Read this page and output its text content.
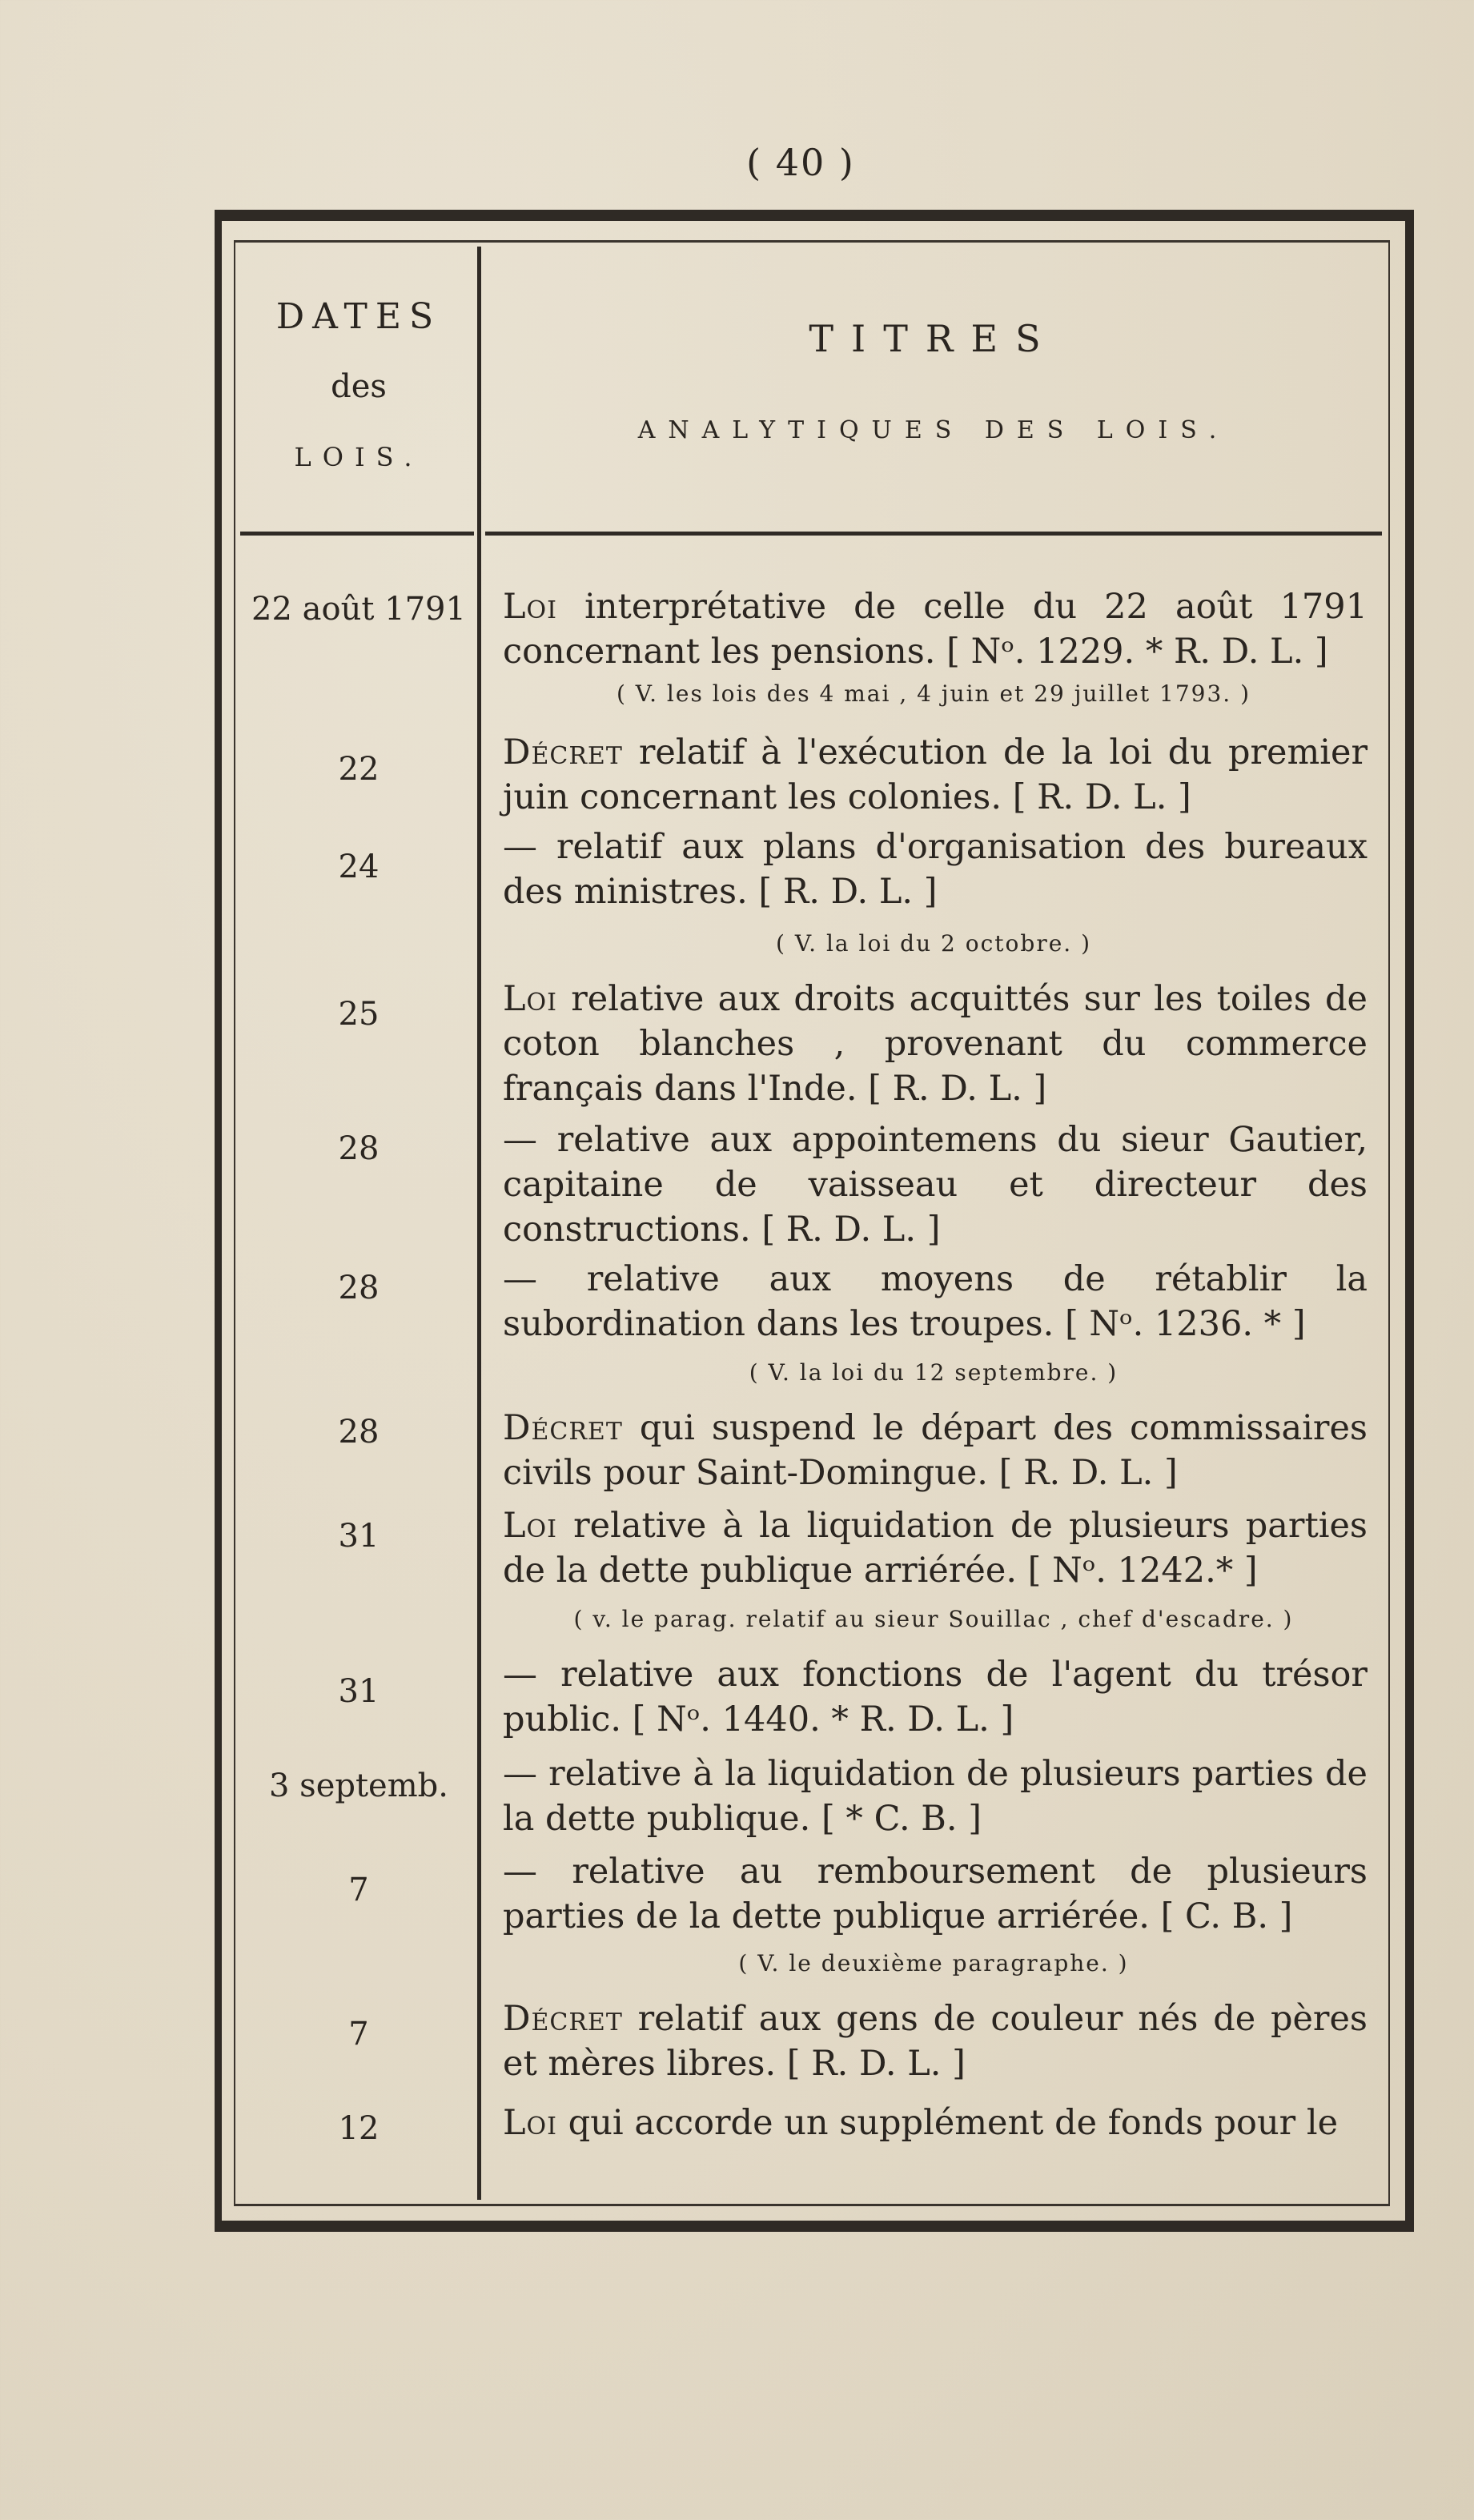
( 40 )
DATES
des
LOIS.
TITRES
ANALYTIQUES DES LOIS.
22 août 1791	Loi interprétative de celle du 22 août 1791 concernant les pensions. [ Nᵒ. 1229. * R. D. L. ]
( V. les lois des 4 mai , 4 juin et 29 juillet 1793. )
22	Décret relatif à l'exécution de la loi du premier juin concernant les colonies. [ R. D. L. ]
24	— relatif aux plans d'organisation des bureaux des ministres. [ R. D. L. ]
( V. la loi du 2 octobre. )
25	Loi relative aux droits acquittés sur les toiles de coton blanches , provenant du commerce français dans l'Inde. [ R. D. L. ]
28	— relative aux appointemens du sieur Gautier, capitaine de vaisseau et directeur des constructions. [ R. D. L. ]
28	— relative aux moyens de rétablir la subordination dans les troupes. [ Nᵒ. 1236. * ]
( V. la loi du 12 septembre. )
28	Décret qui suspend le départ des commissaires civils pour Saint-Domingue. [ R. D. L. ]
31	Loi relative à la liquidation de plusieurs parties de la dette publique arriérée. [ Nᵒ. 1242.* ]
( v. le parag. relatif au sieur Souillac , chef d'escadre. )
31	— relative aux fonctions de l'agent du trésor public. [ Nᵒ. 1440. * R. D. L. ]
3 septemb.	— relative à la liquidation de plusieurs parties de la dette publique. [ * C. B. ]
7	— relative au remboursement de plusieurs parties de la dette publique arriérée. [ C. B. ]
( V. le deuxième paragraphe. )
7	Décret relatif aux gens de couleur nés de pères et mères libres. [ R. D. L. ]
12	Loi qui accorde un supplément de fonds pour le
